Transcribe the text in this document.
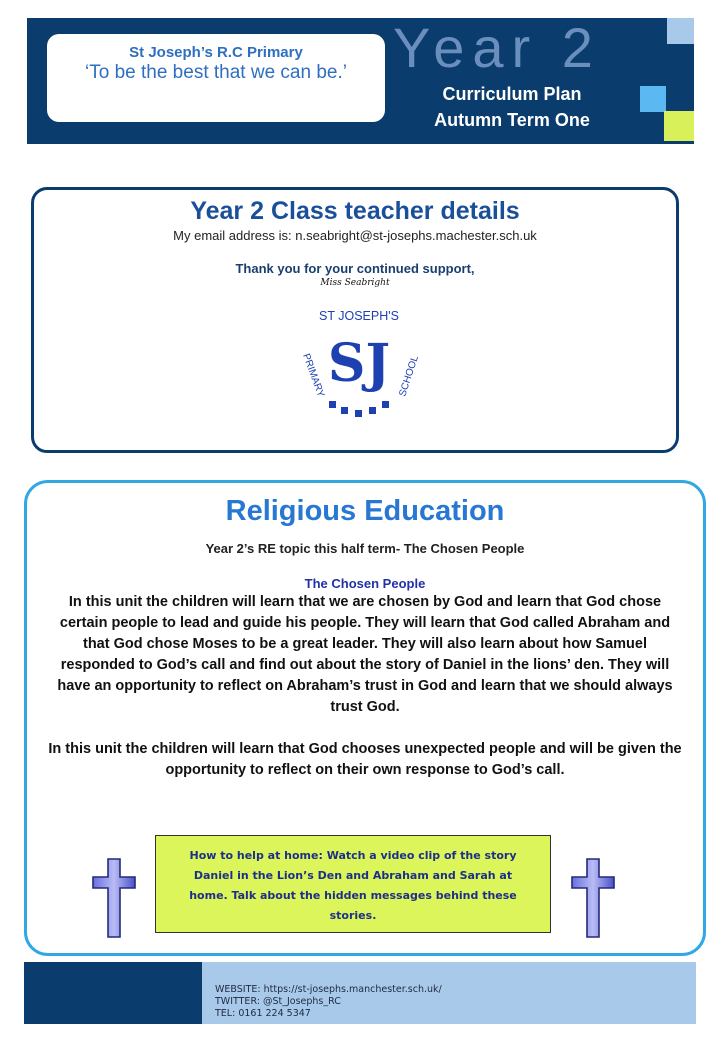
St Joseph’s R.C Primary
‘To be the best that we can be.’ Year 2
Curriculum Plan
Autumn Term One
Year 2 Class teacher details
My email address is: n.seabright@st-josephs.machester.sch.uk
Thank you for your continued support,
Miss Seabright
ST JOSEPH'S
PRIMARY	SCHOOL
SJ
Religious Education
Year 2’s RE topic this half term- The Chosen People
The Chosen People
In this unit the children will learn that we are chosen by God and learn that God chose certain people to lead and guide his people. They will learn that God called Abraham and that God chose Moses to be a great leader. They will also learn about how Samuel responded to God’s call and find out about the story of Daniel in the lions’ den. They will have an opportunity to reflect on Abraham’s trust in God and learn that we should always trust God.
In this unit the children will learn that God chooses unexpected people and will be given the opportunity to reflect on their own response to God’s call.
How to help at home: Watch a video clip of the story Daniel in the Lion’s Den and Abraham and Sarah at home. Talk about the hidden messages behind these stories.
WEBSITE: https://st-josephs.manchester.sch.uk/
TWITTER: @St_Josephs_RC
TEL: 0161 224 5347
